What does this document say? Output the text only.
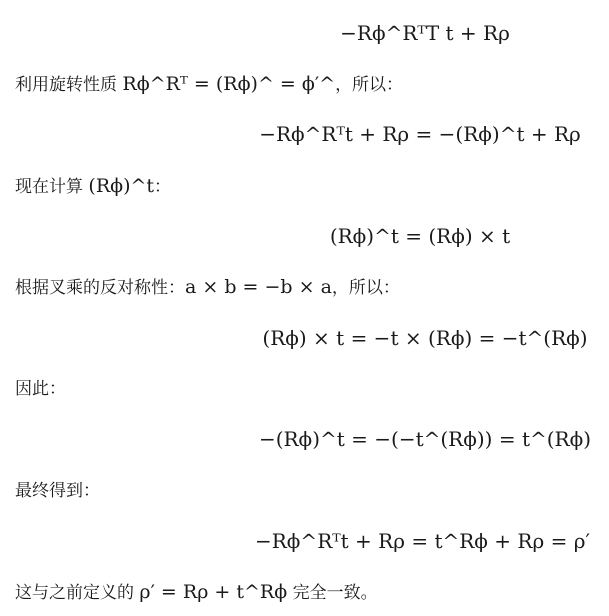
−Rϕ^RᵀT t + Rρ
利用旋转性质 Rϕ^Rᵀ = (Rϕ)^ = ϕ′^，所以：
−Rϕ^Rᵀt + Rρ = −(Rϕ)^t + Rρ
现在计算 (Rϕ)^t：
(Rϕ)^t = (Rϕ) × t
根据叉乘的反对称性：a × b = −b × a，所以：
(Rϕ) × t = −t × (Rϕ) = −t^(Rϕ)
因此：
−(Rϕ)^t = −(−t^(Rϕ)) = t^(Rϕ)
最终得到：
−Rϕ^Rᵀt + Rρ = t^Rϕ + Rρ = ρ′
这与之前定义的 ρ′ = Rρ + t^Rϕ 完全一致。
